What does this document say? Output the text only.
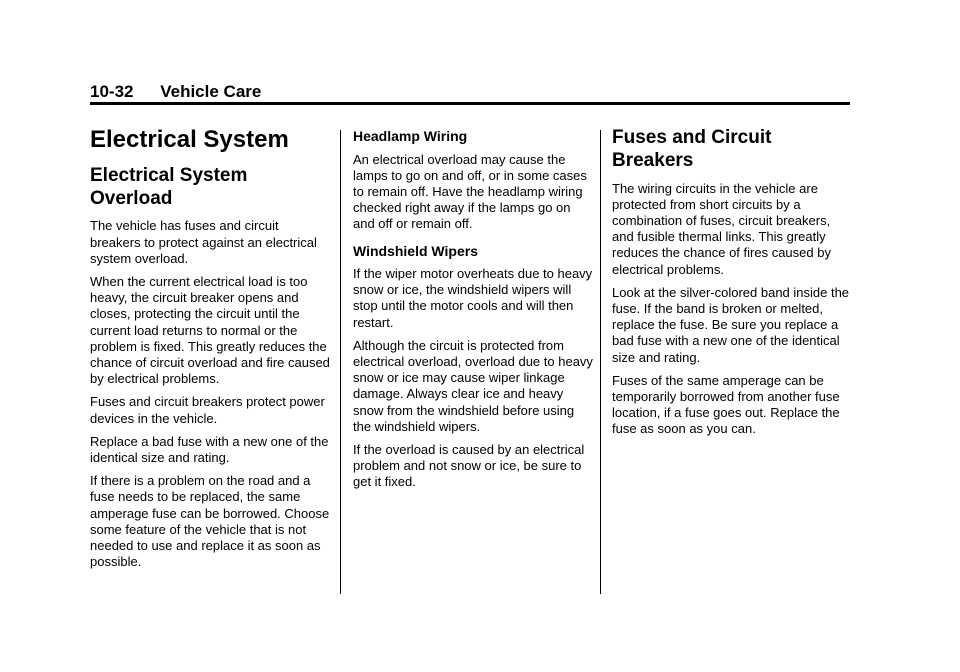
10-32 Vehicle Care
Electrical System
Electrical System Overload

The vehicle has fuses and circuit breakers to protect against an electrical system overload.

When the current electrical load is too heavy, the circuit breaker opens and closes, protecting the circuit until the current load returns to normal or the problem is fixed. This greatly reduces the chance of circuit overload and fire caused by electrical problems.

Fuses and circuit breakers protect power devices in the vehicle.

Replace a bad fuse with a new one of the identical size and rating.

If there is a problem on the road and a fuse needs to be replaced, the same amperage fuse can be borrowed. Choose some feature of the vehicle that is not needed to use and replace it as soon as possible.

Headlamp Wiring

An electrical overload may cause the lamps to go on and off, or in some cases to remain off. Have the headlamp wiring checked right away if the lamps go on and off or remain off.

Windshield Wipers

If the wiper motor overheats due to heavy snow or ice, the windshield wipers will stop until the motor cools and will then restart.

Although the circuit is protected from electrical overload, overload due to heavy snow or ice may cause wiper linkage damage. Always clear ice and heavy snow from the windshield before using the windshield wipers.

If the overload is caused by an electrical problem and not snow or ice, be sure to get it fixed.

Fuses and Circuit Breakers

The wiring circuits in the vehicle are protected from short circuits by a combination of fuses, circuit breakers, and fusible thermal links. This greatly reduces the chance of fires caused by electrical problems.

Look at the silver-colored band inside the fuse. If the band is broken or melted, replace the fuse. Be sure you replace a bad fuse with a new one of the identical size and rating.

Fuses of the same amperage can be temporarily borrowed from another fuse location, if a fuse goes out. Replace the fuse as soon as you can.
